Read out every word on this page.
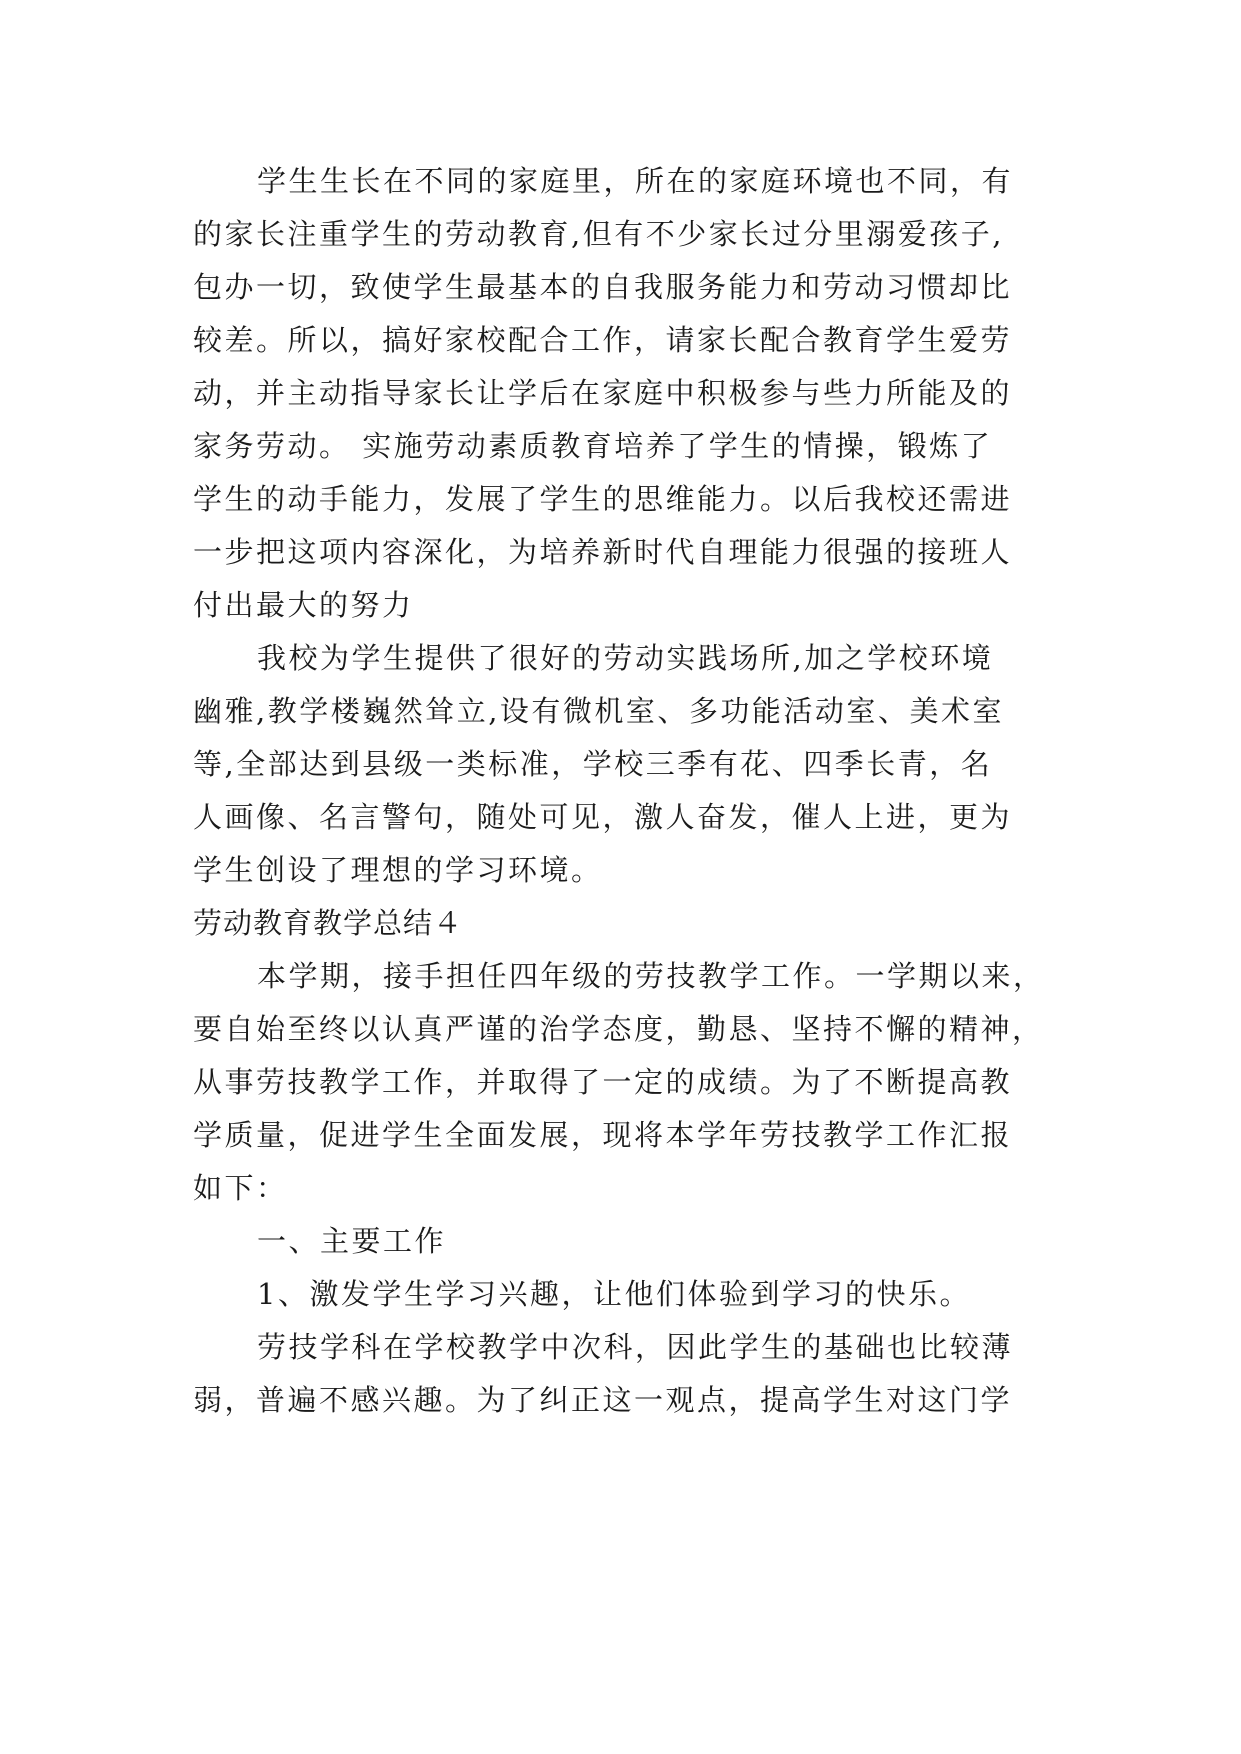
学生生长在不同的家庭里，所在的家庭环境也不同，有
的家长注重学生的劳动教育,但有不少家长过分里溺爱孩子,
包办一切，致使学生最基本的自我服务能力和劳动习惯却比
较差。所以，搞好家校配合工作，请家长配合教育学生爱劳
动，并主动指导家长让学后在家庭中积极参与些力所能及的
家务劳动。 实施劳动素质教育培养了学生的情操，锻炼了
学生的动手能力，发展了学生的思维能力。以后我校还需进
一步把这项内容深化，为培养新时代自理能力很强的接班人
付出最大的努力
我校为学生提供了很好的劳动实践场所,加之学校环境
幽雅,教学楼巍然耸立,设有微机室、多功能活动室、美术室
等,全部达到县级一类标准，学校三季有花、四季长青，名
人画像、名言警句，随处可见，激人奋发，催人上进，更为
学生创设了理想的学习环境。
劳动教育教学总结４
本学期，接手担任四年级的劳技教学工作。一学期以来，
要自始至终以认真严谨的治学态度，勤恳、坚持不懈的精神，
从事劳技教学工作，并取得了一定的成绩。为了不断提高教
学质量，促进学生全面发展，现将本学年劳技教学工作汇报
如下：
一、主要工作
1、激发学生学习兴趣，让他们体验到学习的快乐。
劳技学科在学校教学中次科，因此学生的基础也比较薄
弱，普遍不感兴趣。为了纠正这一观点，提高学生对这门学
